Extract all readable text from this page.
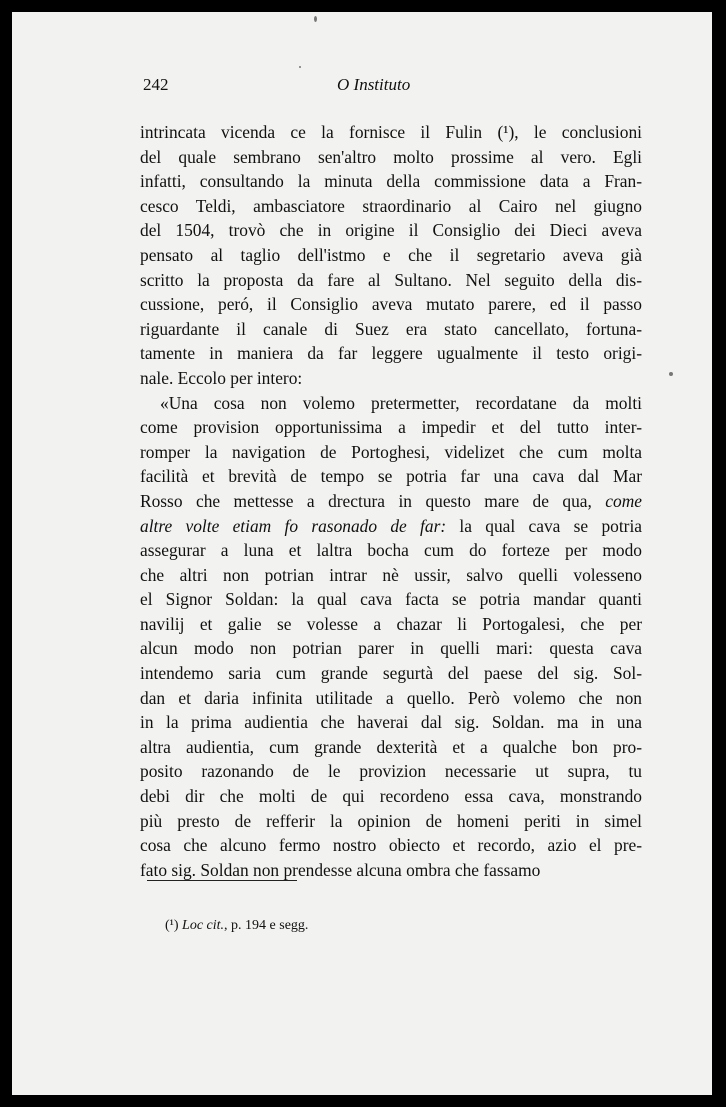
242	O Instituto
intrincata vicenda ce la fornisce il Fulin (¹), le conclusioni
del quale sembrano sen'altro molto prossime al vero. Egli
infatti, consultando la minuta della commissione data a Fran-
cesco Teldi, ambasciatore straordinario al Cairo nel giugno
del 1504, trovò che in origine il Consiglio dei Dieci aveva
pensato al taglio dell'istmo e che il segretario aveva già
scritto la proposta da fare al Sultano. Nel seguito della dis-
cussione, peró, il Consiglio aveva mutato parere, ed il passo
riguardante il canale di Suez era stato cancellato, fortuna-
tamente in maniera da far leggere ugualmente il testo origi-
nale. Eccolo per intero:
«Una cosa non volemo pretermetter, recordatane da molti
come provision opportunissima a impedir et del tutto inter-
romper la navigation de Portoghesi, videlizet che cum molta
facilità et brevità de tempo se potria far una cava dal Mar
Rosso che mettesse a drectura in questo mare de qua, come
altre volte etiam fo rasonado de far: la qual cava se potria
assegurar a luna et laltra bocha cum do forteze per modo
che altri non potrian intrar nè ussir, salvo quelli volesseno
el Signor Soldan: la qual cava facta se potria mandar quanti
navilij et galie se volesse a chazar li Portogalesi, che per
alcun modo non potrian parer in quelli mari: questa cava
intendemo saria cum grande segurtà del paese del sig. Sol-
dan et daria infinita utilitade a quello. Però volemo che non
in la prima audientia che haverai dal sig. Soldan. ma in una
altra audientia, cum grande dexterità et a qualche bon pro-
posito razonando de le provizion necessarie ut supra, tu
debi dir che molti de qui recordeno essa cava, monstrando
più presto de refferir la opinion de homeni periti in simel
cosa che alcuno fermo nostro obiecto et recordo, azio el pre-
fato sig. Soldan non prendesse alcuna ombra che fassamo
(¹) Loc cit., p. 194 e segg.
